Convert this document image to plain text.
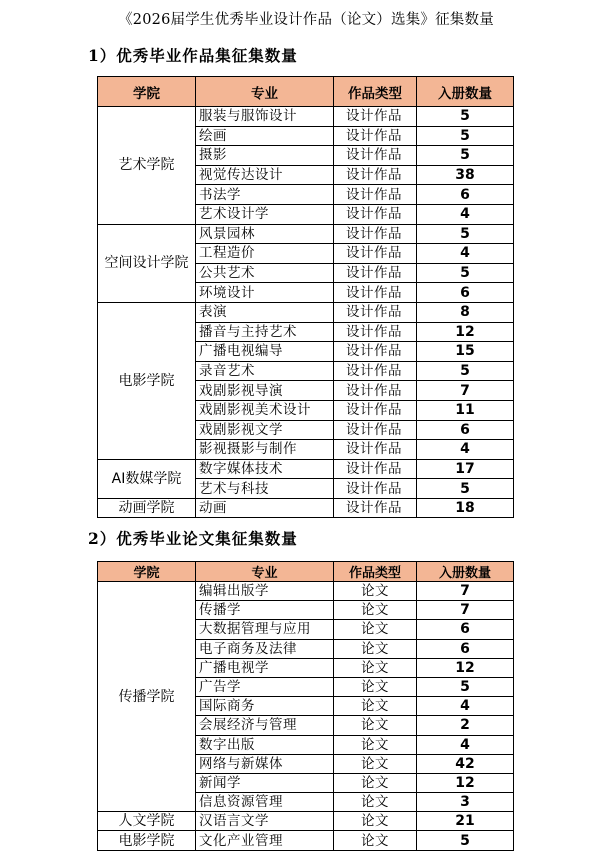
《2026届学生优秀毕业设计作品（论文）选集》征集数量
1）优秀毕业作品集征集数量
学院	专业	作品类型	入册数量
艺术学院	服装与服饰设计	设计作品	5
	绘画	设计作品	5
	摄影	设计作品	5
	视觉传达设计	设计作品	38
	书法学	设计作品	6
	艺术设计学	设计作品	4
空间设计学院	风景园林	设计作品	5
	工程造价	设计作品	4
	公共艺术	设计作品	5
	环境设计	设计作品	6
电影学院	表演	设计作品	8
	播音与主持艺术	设计作品	12
	广播电视编导	设计作品	15
	录音艺术	设计作品	5
	戏剧影视导演	设计作品	7
	戏剧影视美术设计	设计作品	11
	戏剧影视文学	设计作品	6
	影视摄影与制作	设计作品	4
AI数媒学院	数字媒体技术	设计作品	17
	艺术与科技	设计作品	5
动画学院	动画	设计作品	18
2）优秀毕业论文集征集数量
学院	专业	作品类型	入册数量
传播学院	编辑出版学	论文	7
	传播学	论文	7
	大数据管理与应用	论文	6
	电子商务及法律	论文	6
	广播电视学	论文	12
	广告学	论文	5
	国际商务	论文	4
	会展经济与管理	论文	2
	数字出版	论文	4
	网络与新媒体	论文	42
	新闻学	论文	12
	信息资源管理	论文	3
人文学院	汉语言文学	论文	21
电影学院	文化产业管理	论文	5
